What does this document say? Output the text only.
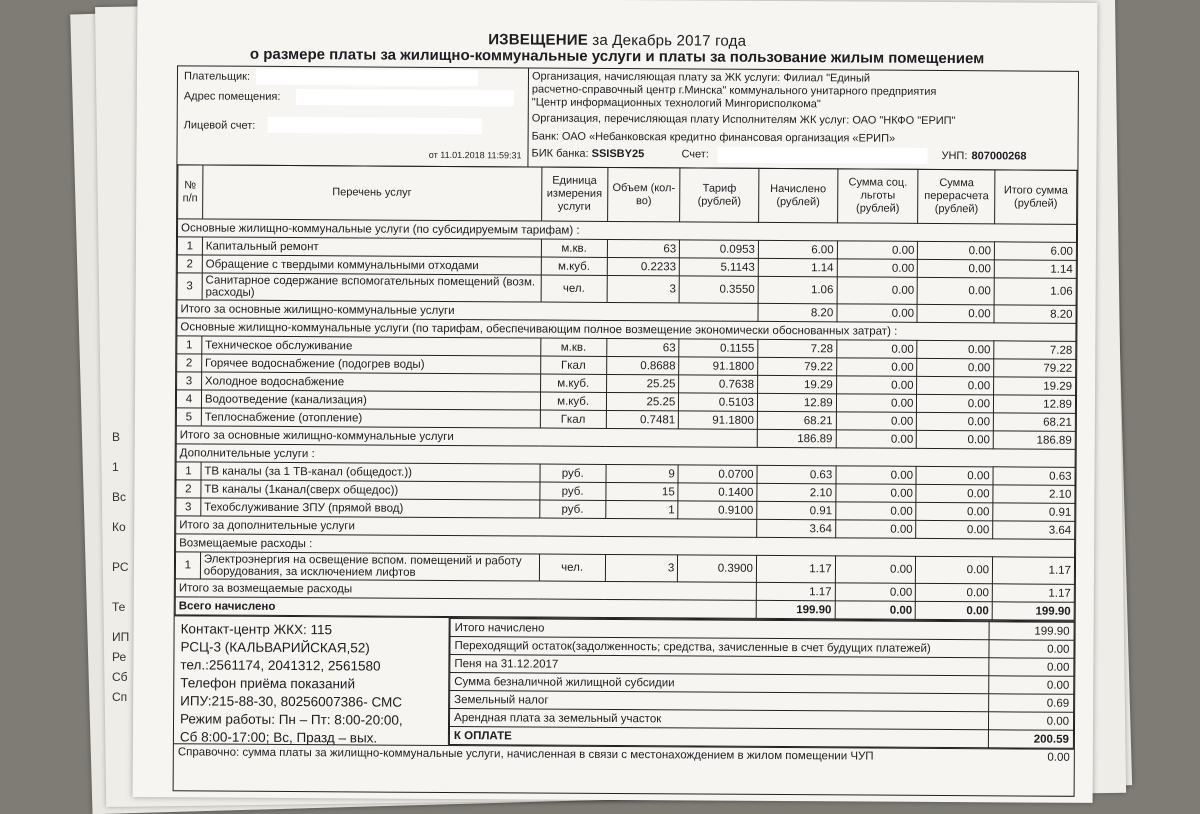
В
1
Вс
Ко
РС
Те
ИП
Ре
Сб
Сп
ИЗВЕЩЕНИЕ за Декабрь 2017 года
о размере платы за жилищно-коммунальные услуги и платы за пользование жилым помещением
Плательщик:
Адрес помещения:
Лицевой счет:
от 11.01.2018 11:59:31
Организация, начисляющая плату за ЖК услуги: Филиал "Единый
расчетно-справочный центр г.Минска" коммунального унитарного предприятия
"Центр информационных технологий Мингорисполкома"
Организация, перечисляющая плату Исполнителям ЖК услуг: ОАО "НКФО "ЕРИП"
Банк: ОАО «Небанковская кредитно финансовая организация «ЕРИП»
БИК банка: SSISBY25	Счет:	УНП: 807000268
№ п/п	Перечень услуг	Единица измерения услуги	Объем (кол-во)	Тариф (рублей)	Начислено (рублей)	Сумма соц. льготы (рублей)	Сумма перерасчета (рублей)	Итого сумма (рублей)
Основные жилищно-коммунальные услуги (по субсидируемым тарифам) :								
1	Капитальный ремонт	м.кв.	63	0.0953	6.00	0.00	0.00	6.00
2	Обращение с твердыми коммунальными отходами	м.куб.	0.2233	5.1143	1.14	0.00	0.00	1.14
3	Санитарное содержание вспомогательных помещений (возм. расходы)	чел.	3	0.3550	1.06	0.00	0.00	1.06
Итого за основные жилищно-коммунальные услуги					8.20	0.00	0.00	8.20
Основные жилищно-коммунальные услуги (по тарифам, обеспечивающим полное возмещение экономически обоснованных затрат) :								
1	Техническое обслуживание	м.кв.	63	0.1155	7.28	0.00	0.00	7.28
2	Горячее водоснабжение (подогрев воды)	Гкал	0.8688	91.1800	79.22	0.00	0.00	79.22
3	Холодное водоснабжение	м.куб.	25.25	0.7638	19.29	0.00	0.00	19.29
4	Водоотведение (канализация)	м.куб.	25.25	0.5103	12.89	0.00	0.00	12.89
5	Теплоснабжение (отопление)	Гкал	0.7481	91.1800	68.21	0.00	0.00	68.21
Итого за основные жилищно-коммунальные услуги					186.89	0.00	0.00	186.89
Дополнительные услуги :								
1	ТВ каналы (за 1 ТВ-канал (общедост.))	руб.	9	0.0700	0.63	0.00	0.00	0.63
2	ТВ каналы (1канал(сверх общедос))	руб.	15	0.1400	2.10	0.00	0.00	2.10
3	Техобслуживание ЗПУ (прямой ввод)	руб.	1	0.9100	0.91	0.00	0.00	0.91
Итого за дополнительные услуги					3.64	0.00	0.00	3.64
Возмещаемые расходы :								
1	Электроэнергия на освещение вспом. помещений и работу оборудования, за исключением лифтов	чел.	3	0.3900	1.17	0.00	0.00	1.17
Итого за возмещаемые расходы					1.17	0.00	0.00	1.17
Всего начислено					199.90	0.00	0.00	199.90
Контакт-центр ЖКХ: 115
РСЦ-3 (КАЛЬВАРИЙСКАЯ,52)
тел.:2561174, 2041312, 2561580
Телефон приёма показаний
ИПУ:215-88-30, 80256007386- СМС
Режим работы: Пн – Пт: 8:00-20:00,
Сб 8:00-17:00; Вс, Празд – вых.
Итого начислено	199.90
Переходящий остаток(задолженность; средства, зачисленные в счет будущих платежей)	0.00
Пеня на 31.12.2017	0.00
Сумма безналичной жилищной субсидии	0.00
Земельный налог	0.69
Арендная плата за земельный участок	0.00
К ОПЛАТЕ	200.59
Справочно: сумма платы за жилищно-коммунальные услуги, начисленная в связи с местонахождением в жилом помещении ЧУП	0.00
